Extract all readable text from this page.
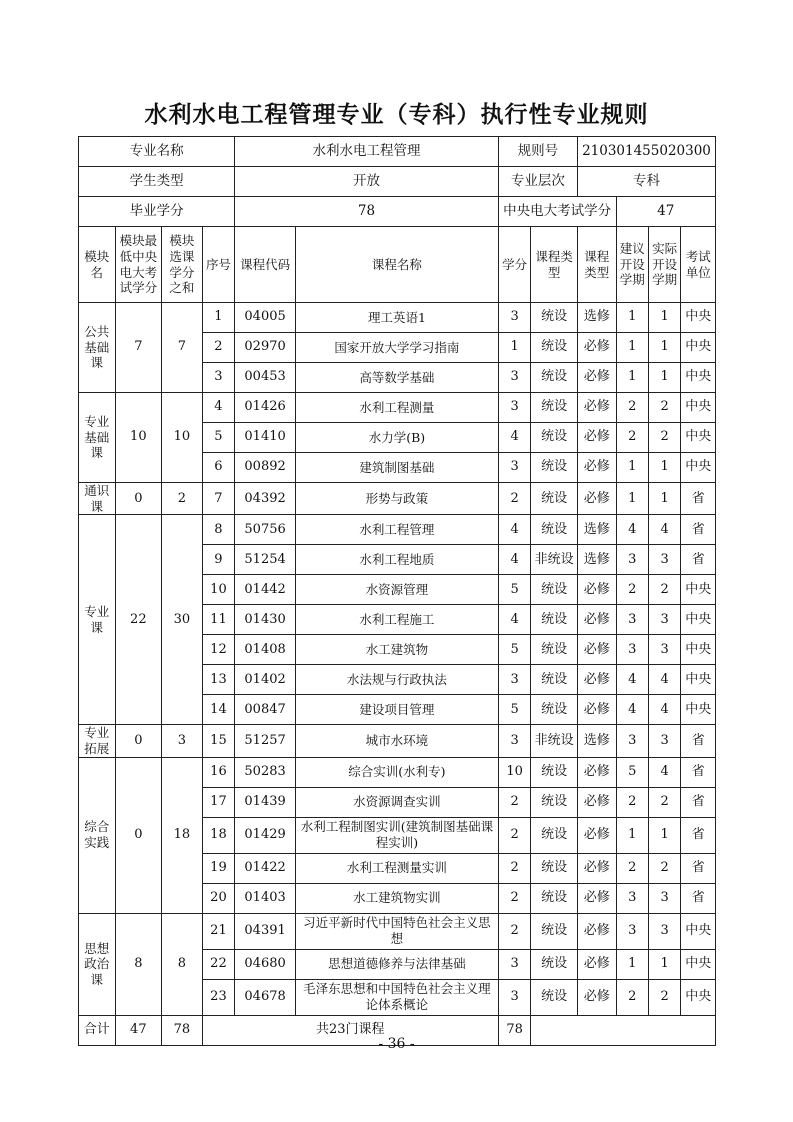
水利水电工程管理专业（专科）执行性专业规则
专业名称				水利水电工程管理		规则号		210301455020300			
学生类型				开放		专业层次		专科			
毕业学分				78		中央电大考试学分			47		
模块名	模块最低中央电大考试学分	模块选课学分之和	序号	课程代码	课程名称	学分	课程类型	课程类型	建议开设学期	实际开设学期	考试单位
公共基础课	7	7	1	04005	理工英语1	3	统设	选修	1	1	中央
			2	02970	国家开放大学学习指南	1	统设	必修	1	1	中央
			3	00453	高等数学基础	3	统设	必修	1	1	中央
专业基础课	10	10	4	01426	水利工程测量	3	统设	必修	2	2	中央
			5	01410	水力学(B)	4	统设	必修	2	2	中央
			6	00892	建筑制图基础	3	统设	必修	1	1	中央
通识课	0	2	7	04392	形势与政策	2	统设	必修	1	1	省
专业课	22	30	8	50756	水利工程管理	4	统设	选修	4	4	省
			9	51254	水利工程地质	4	非统设	选修	3	3	省
			10	01442	水资源管理	5	统设	必修	2	2	中央
			11	01430	水利工程施工	4	统设	必修	3	3	中央
			12	01408	水工建筑物	5	统设	必修	3	3	中央
			13	01402	水法规与行政执法	3	统设	必修	4	4	中央
			14	00847	建设项目管理	5	统设	必修	4	4	中央
专业拓展	0	3	15	51257	城市水环境	3	非统设	选修	3	3	省
综合实践	0	18	16	50283	综合实训(水利专)	10	统设	必修	5	4	省
			17	01439	水资源调查实训	2	统设	必修	2	2	省
			18	01429	水利工程制图实训(建筑制图基础课程实训)	2	统设	必修	1	1	省
			19	01422	水利工程测量实训	2	统设	必修	2	2	省
			20	01403	水工建筑物实训	2	统设	必修	3	3	省
思想政治课	8	8	21	04391	习近平新时代中国特色社会主义思想	2	统设	必修	3	3	中央
			22	04680	思想道德修养与法律基础	3	统设	必修	1	1	中央
			23	04678	毛泽东思想和中国特色社会主义理论体系概论	3	统设	必修	2	2	中央
合计	47	78	共23门课程			78					
- 36 -
